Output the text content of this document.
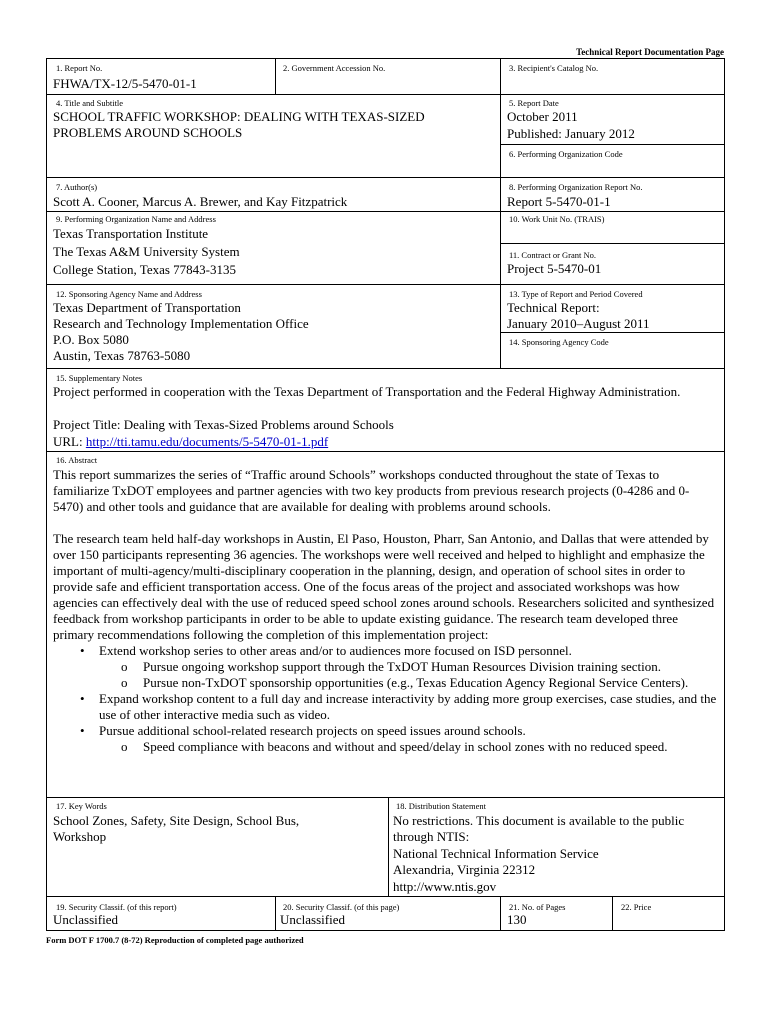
Technical Report Documentation Page
1. Report No.
FHWA/TX-12/5-5470-01-1
2. Government Accession No.	3. Recipient's Catalog No.
4. Title and Subtitle
SCHOOL TRAFFIC WORKSHOP: DEALING WITH TEXAS-SIZED PROBLEMS AROUND SCHOOLS
5. Report Date
October 2011
Published: January 2012
6. Performing Organization Code
7. Author(s)
Scott A. Cooner, Marcus A. Brewer, and Kay Fitzpatrick
8. Performing Organization Report No.
Report 5-5470-01-1
9. Performing Organization Name and Address
Texas Transportation Institute
The Texas A&M University System
College Station, Texas 77843-3135
10. Work Unit No. (TRAIS)
11. Contract or Grant No.
Project 5-5470-01
12. Sponsoring Agency Name and Address
Texas Department of Transportation
Research and Technology Implementation Office
P.O. Box 5080
Austin, Texas 78763-5080
13. Type of Report and Period Covered
Technical Report:
January 2010–August 2011
14. Sponsoring Agency Code
15. Supplementary Notes
Project performed in cooperation with the Texas Department of Transportation and the Federal Highway Administration.
Project Title: Dealing with Texas-Sized Problems around Schools
URL: http://tti.tamu.edu/documents/5-5470-01-1.pdf
16. Abstract
This report summarizes the series of “Traffic around Schools” workshops conducted throughout the state of Texas to familiarize TxDOT employees and partner agencies with two key products from previous research projects (0-4286 and 0-5470) and other tools and guidance that are available for dealing with problems around schools.
The research team held half-day workshops in Austin, El Paso, Houston, Pharr, San Antonio, and Dallas that were attended by over 150 participants representing 36 agencies. The workshops were well received and helped to highlight and emphasize the important of multi-agency/multi-disciplinary cooperation in the planning, design, and operation of school sites in order to provide safe and efficient transportation access. One of the focus areas of the project and associated workshops was how agencies can effectively deal with the use of reduced speed school zones around schools. Researchers solicited and synthesized feedback from workshop participants in order to be able to update existing guidance. The research team developed three primary recommendations following the completion of this implementation project:
• Extend workshop series to other areas and/or to audiences more focused on ISD personnel.
o Pursue ongoing workshop support through the TxDOT Human Resources Division training section.
o Pursue non-TxDOT sponsorship opportunities (e.g., Texas Education Agency Regional Service Centers).
• Expand workshop content to a full day and increase interactivity by adding more group exercises, case studies, and the use of other interactive media such as video.
• Pursue additional school-related research projects on speed issues around schools.
o Speed compliance with beacons and without and speed/delay in school zones with no reduced speed.
17. Key Words
School Zones, Safety, Site Design, School Bus, Workshop
18. Distribution Statement
No restrictions. This document is available to the public
through NTIS:
National Technical Information Service
Alexandria, Virginia 22312
http://www.ntis.gov
19. Security Classif. (of this report)
Unclassified
20. Security Classif. (of this page)
Unclassified
21. No. of Pages
130
22. Price
Form DOT F 1700.7 (8-72) Reproduction of completed page authorized
